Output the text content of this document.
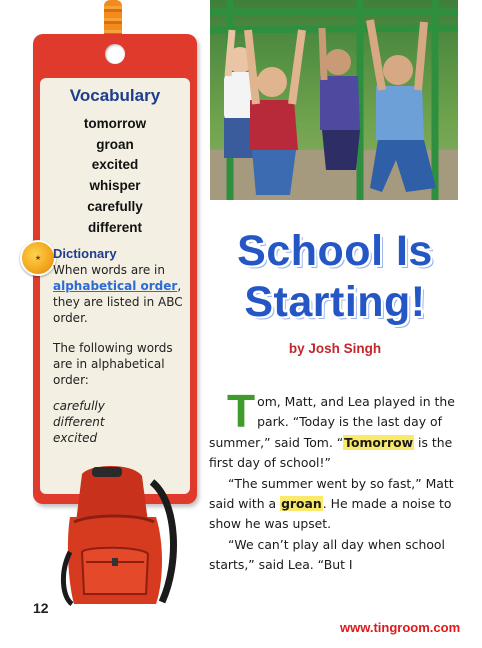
Vocabulary
tomorrow
groan
excited
whisper
carefully
different
★ Dictionary
When words are in alphabetical order, they are listed in ABC order.
The following words are in alphabetical order:
carefully
different
excited
School Is
Starting!
by Josh Singh

Tom, Matt, and Lea played in the park. “Today is the last day of summer,” said Tom. “Tomorrow is the first day of school!”

“The summer went by so fast,” Matt said with a groan. He made a noise to show he was upset.

“We can’t play all day when school starts,” said Lea. “But I

12
www.tingroom.com
